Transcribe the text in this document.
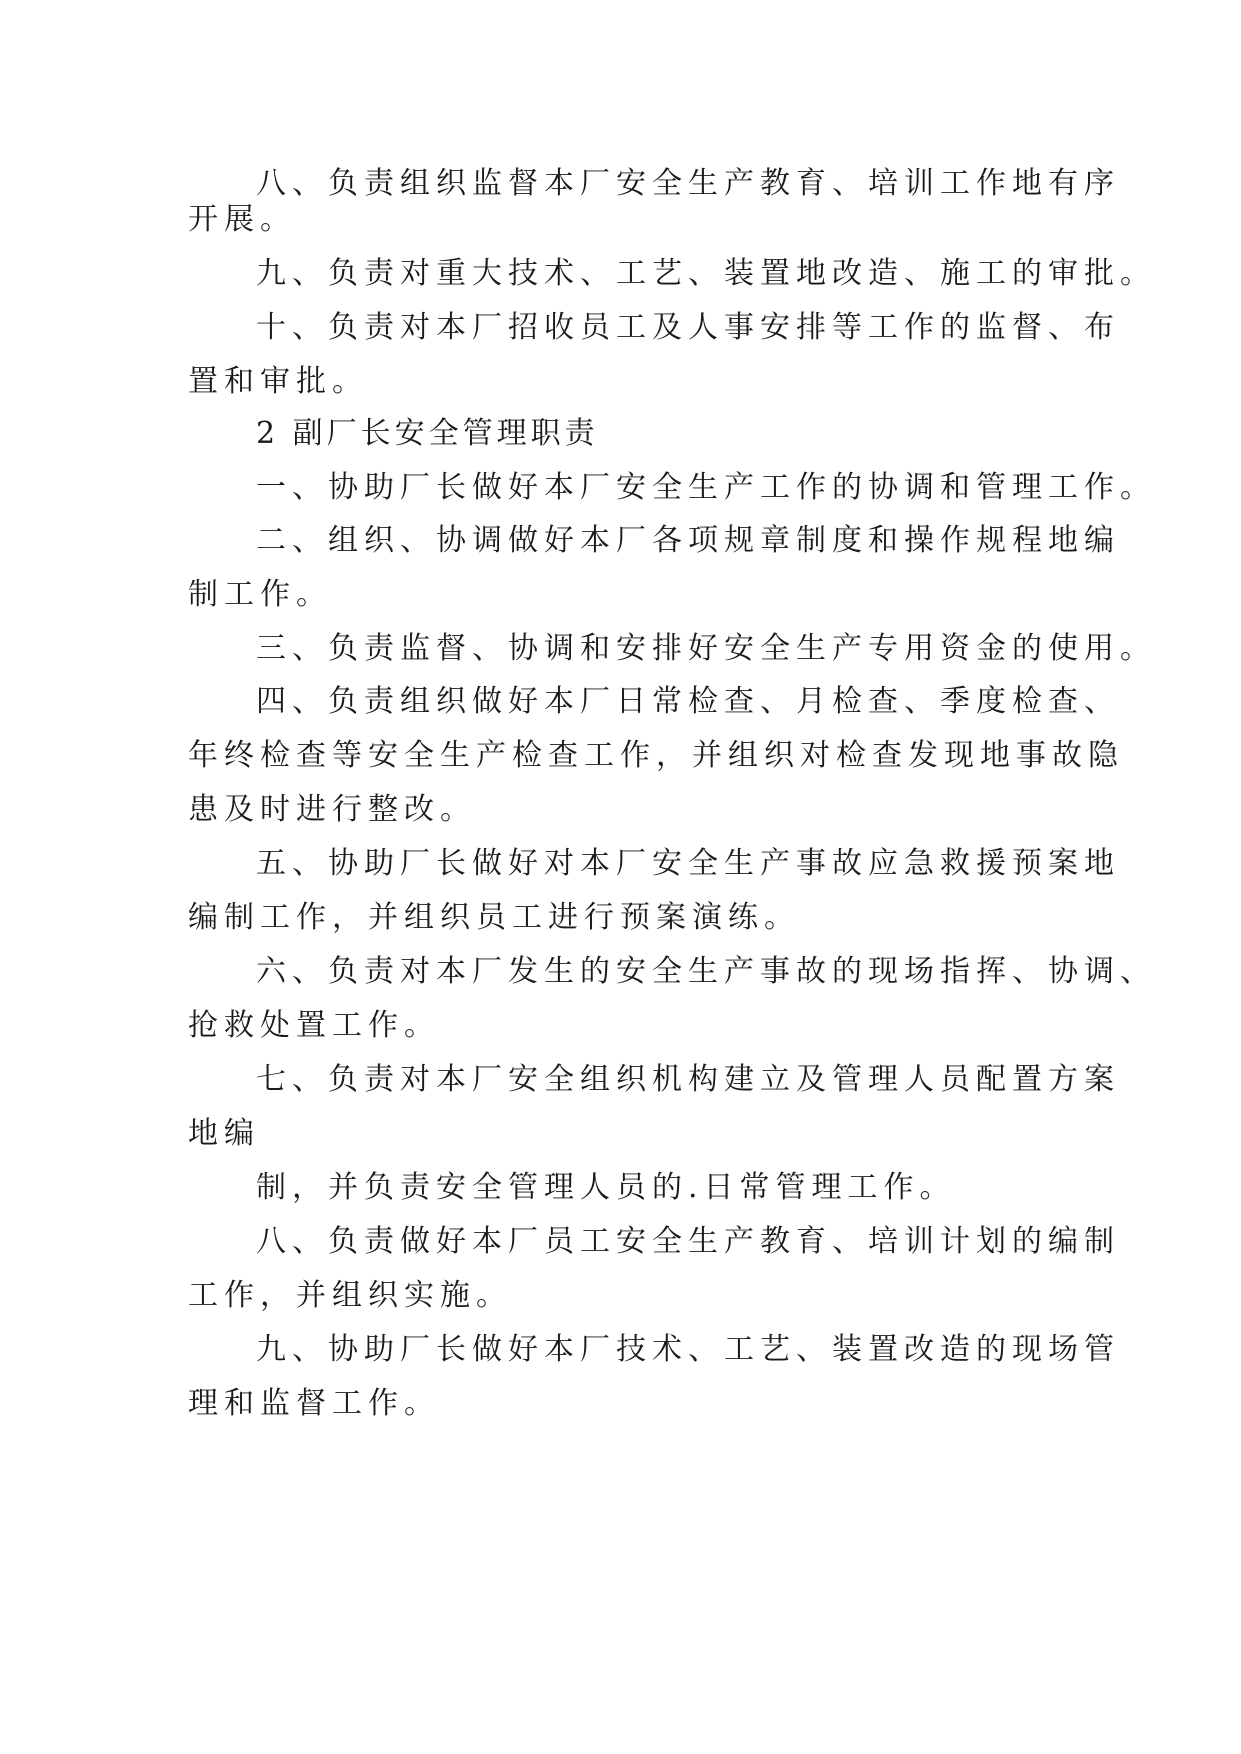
八、负责组织监督本厂安全生产教育、培训工作地有序
开展。
九、负责对重大技术、工艺、装置地改造、施工的审批。
十、负责对本厂招收员工及人事安排等工作的监督、布
置和审批。
2 副厂长安全管理职责
一、协助厂长做好本厂安全生产工作的协调和管理工作。
二、组织、协调做好本厂各项规章制度和操作规程地编
制工作。
三、负责监督、协调和安排好安全生产专用资金的使用。
四、负责组织做好本厂日常检查、月检查、季度检查、
年终检查等安全生产检查工作，并组织对检查发现地事故隐
患及时进行整改。
五、协助厂长做好对本厂安全生产事故应急救援预案地
编制工作，并组织员工进行预案演练。
六、负责对本厂发生的安全生产事故的现场指挥、协调、
抢救处置工作。
七、负责对本厂安全组织机构建立及管理人员配置方案
地编
制，并负责安全管理人员的.日常管理工作。
八、负责做好本厂员工安全生产教育、培训计划的编制
工作，并组织实施。
九、协助厂长做好本厂技术、工艺、装置改造的现场管
理和监督工作。
